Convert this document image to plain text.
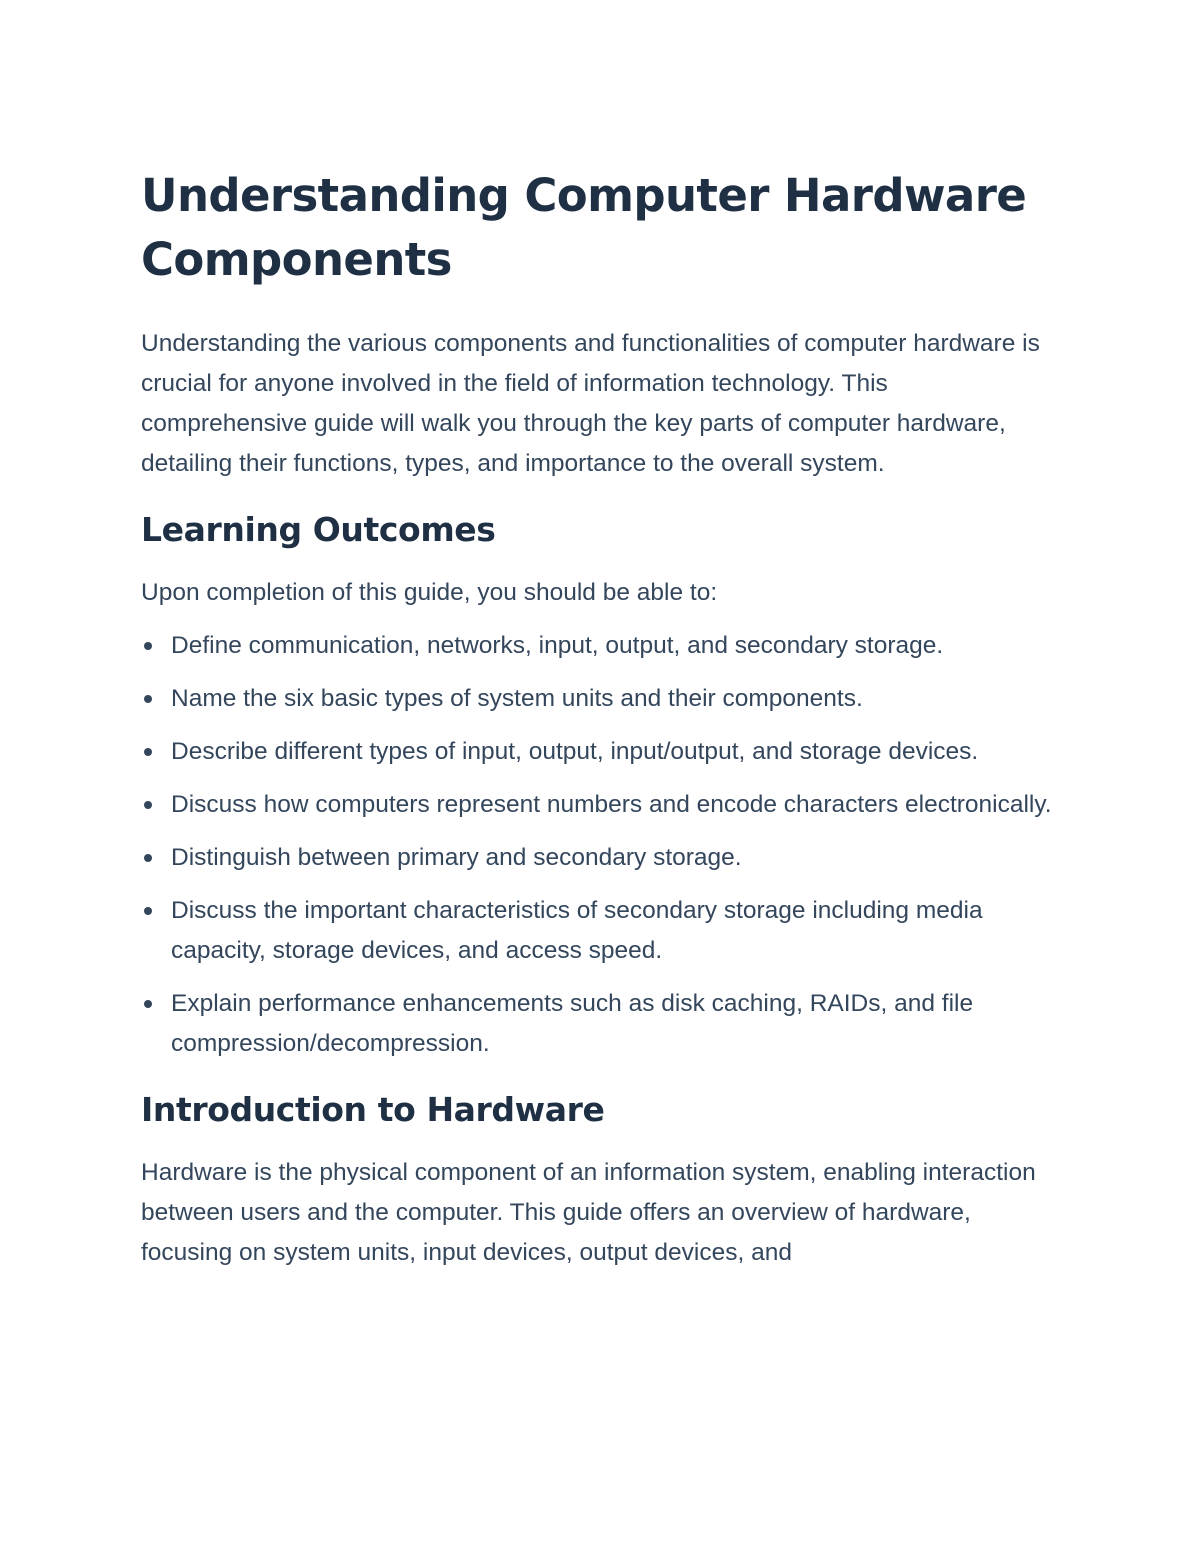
Understanding Computer Hardware Components

Understanding the various components and functionalities of computer hardware is crucial for anyone involved in the field of information technology. This comprehensive guide will walk you through the key parts of computer hardware, detailing their functions, types, and importance to the overall system.

Learning Outcomes

Upon completion of this guide, you should be able to:

Define communication, networks, input, output, and secondary storage.
Name the six basic types of system units and their components.
Describe different types of input, output, input/output, and storage devices.
Discuss how computers represent numbers and encode characters electronically.
Distinguish between primary and secondary storage.
Discuss the important characteristics of secondary storage including media capacity, storage devices, and access speed.
Explain performance enhancements such as disk caching, RAIDs, and file compression/decompression.
Introduction to Hardware

Hardware is the physical component of an information system, enabling interaction between users and the computer. This guide offers an overview of hardware, focusing on system units, input devices, output devices, and
